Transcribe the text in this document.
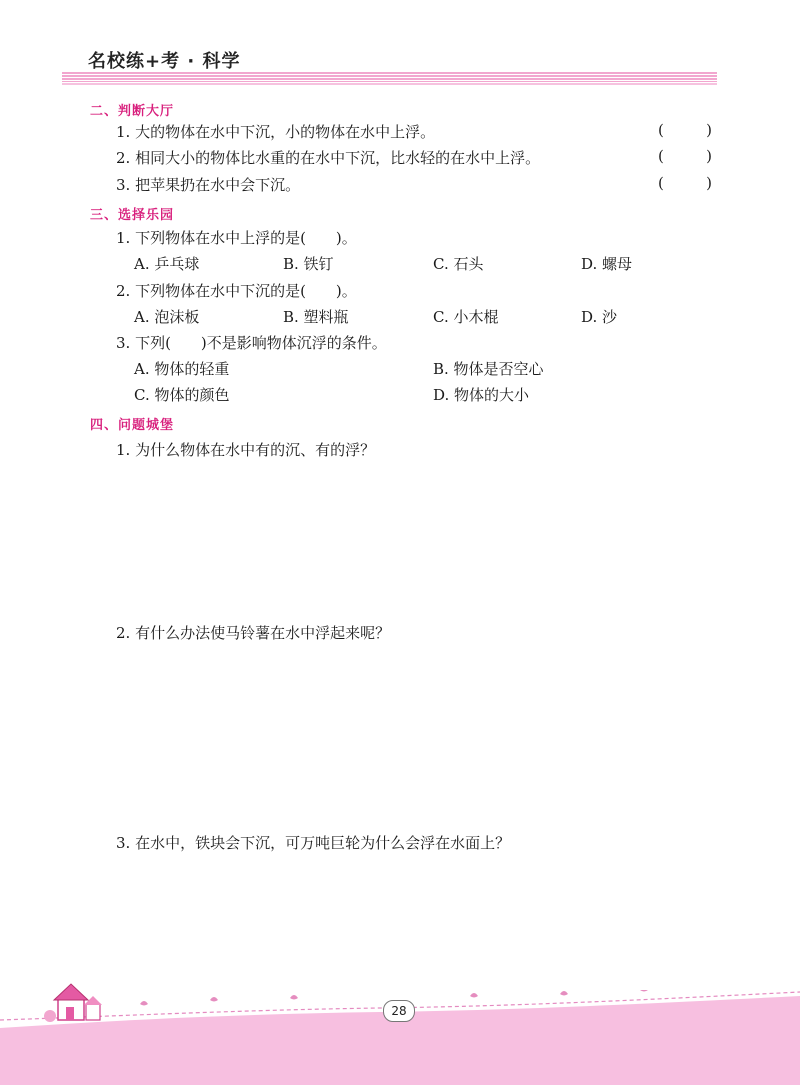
名校练+考 · 科学
二、判断大厅
1. 大的物体在水中下沉，小的物体在水中上浮。	(	)
2. 相同大小的物体比水重的在水中下沉，比水轻的在水中上浮。	(	)
3. 把苹果扔在水中会下沉。	(	)
三、选择乐园
1. 下列物体在水中上浮的是(　　)。
A. 乒乓球	B. 铁钉	C. 石头	D. 螺母
2. 下列物体在水中下沉的是(　　)。
A. 泡沫板	B. 塑料瓶	C. 小木棍	D. 沙
3. 下列(　　)不是影响物体沉浮的条件。
A. 物体的轻重	B. 物体是否空心
C. 物体的颜色	D. 物体的大小
四、问题城堡
1. 为什么物体在水中有的沉、有的浮？
2. 有什么办法使马铃薯在水中浮起来呢？
3. 在水中，铁块会下沉，可万吨巨轮为什么会浮在水面上？
28
